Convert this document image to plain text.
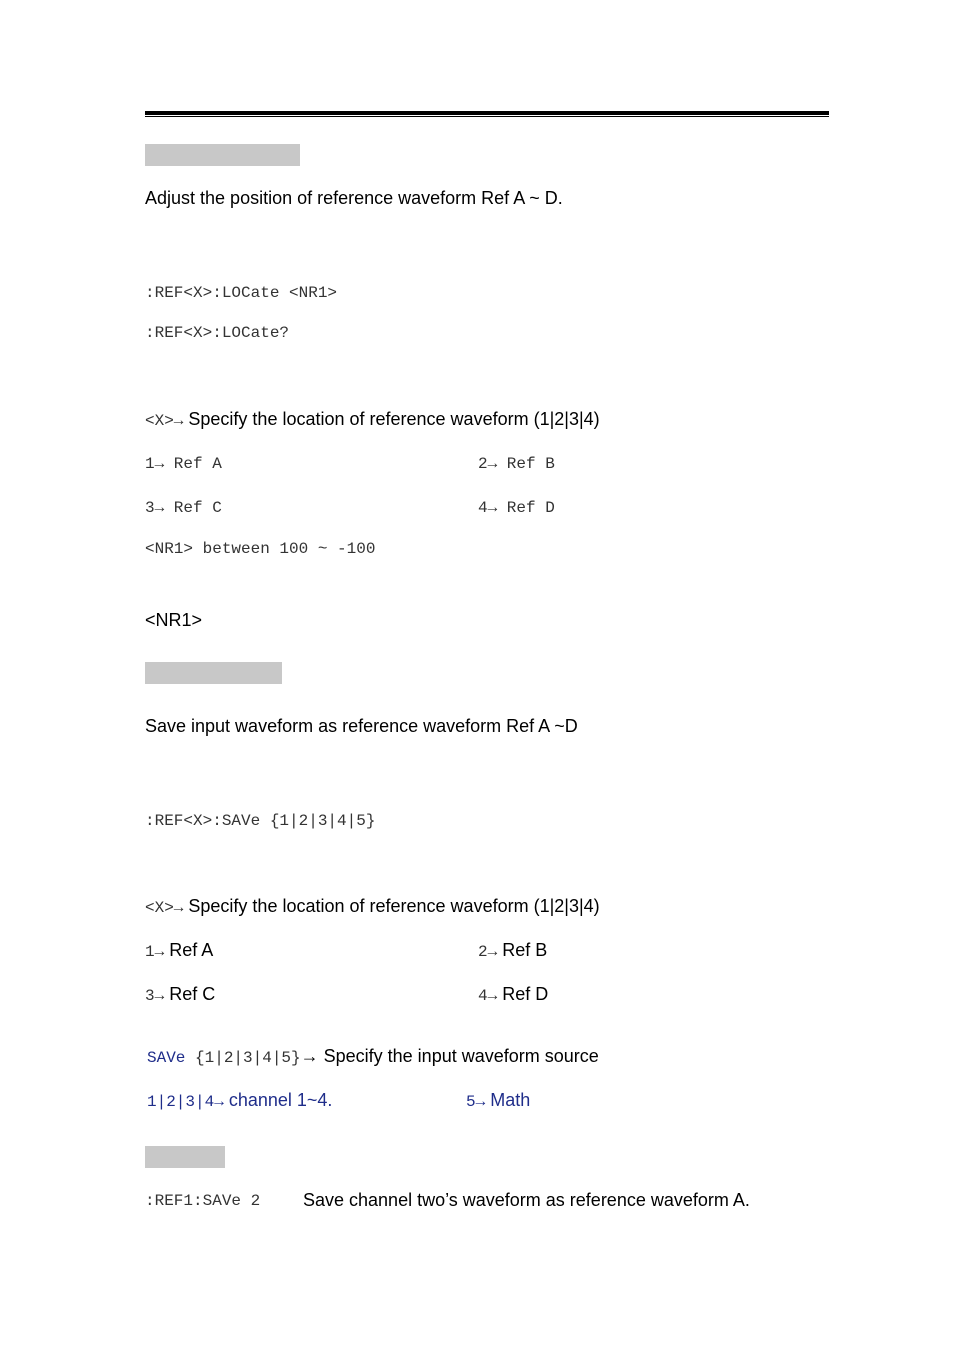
Adjust the position of reference waveform Ref A ~ D.
:REF<X>:LOCate <NR1>
:REF<X>:LOCate?
<X>→ Specify the location of reference waveform (1|2|3|4)
1→ Ref A	2→ Ref B
3→ Ref C	4→ Ref D
<NR1> between 100 ~ -100
<NR1>
Save input waveform as reference waveform Ref A ~D
:REF<X>:SAVe {1|2|3|4|5}
<X>→ Specify the location of reference waveform (1|2|3|4)
1→ Ref A	2→ Ref B
3→ Ref C	4→ Ref D
SAVe {1|2|3|4|5}→ Specify the input waveform source
1|2|3|4→ channel 1~4.	5→ Math
:REF1:SAVe 2 Save channel two’s waveform as reference waveform A.
